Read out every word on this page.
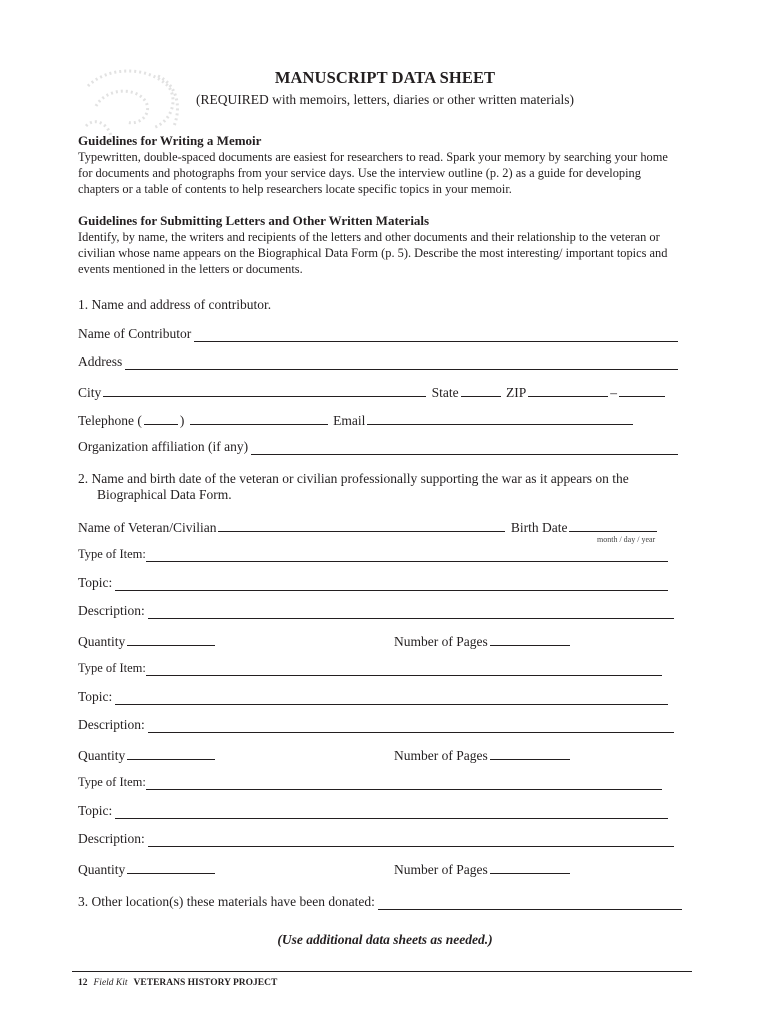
MANUSCRIPT DATA SHEET
(REQUIRED with memoirs, letters, diaries or other written materials)
Guidelines for Writing a Memoir

Typewritten, double-spaced documents are easiest for researchers to read. Spark your memory by searching your home for documents and photographs from your service days. Use the interview outline (p. 2) as a guide for developing chapters or a table of contents to help researchers locate specific topics in your memoir.

Guidelines for Submitting Letters and Other Written Materials

Identify, by name, the writers and recipients of the letters and other documents and their relationship to the veteran or civilian whose name appears on the Biographical Data Form (p. 5). Describe the most interesting/ important topics and events mentioned in the letters or documents.

1. Name and address of contributor.
Name of Contributor
Address
City	State	ZIP	–
Telephone (	)	Email
Organization affiliation (if any)
2. Name and birth date of the veteran or civilian professionally supporting the war as it appears on the
Biographical Data Form.
Name of Veteran/Civilian	Birth Date
month / day / year
Type of Item:
Topic:
Description:
Quantity	Number of Pages
Type of Item:
Topic:
Description:
Quantity	Number of Pages
Type of Item:
Topic:
Description:
Quantity	Number of Pages
3. Other location(s) these materials have been donated:
(Use additional data sheets as needed.)
12 Field Kit VETERANS HISTORY PROJECT
